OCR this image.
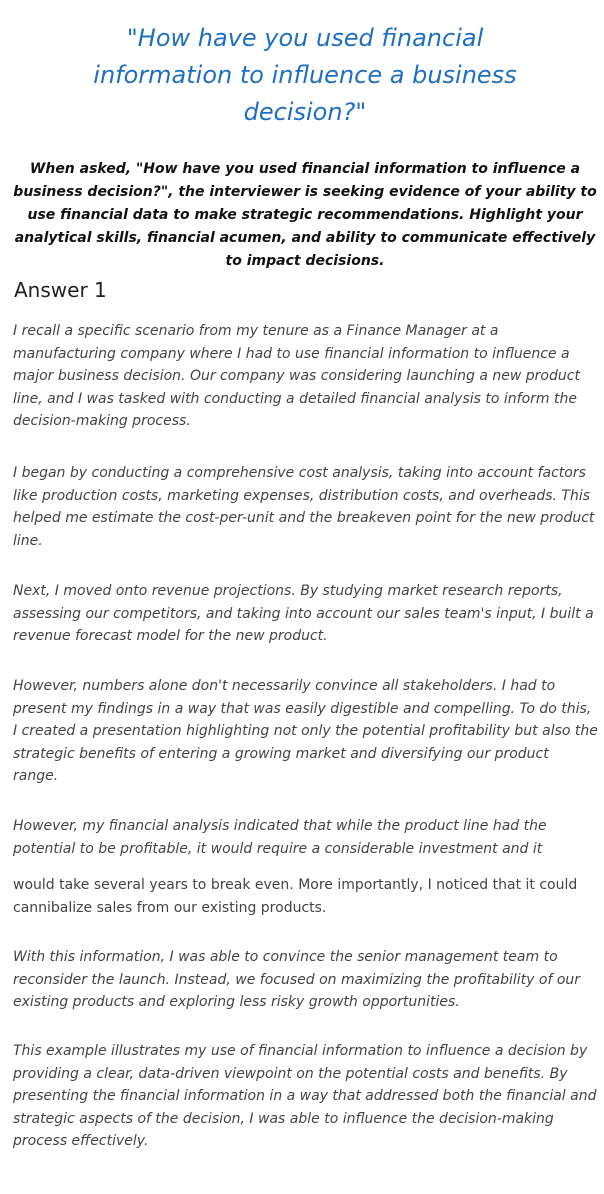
"How have you used financial information to influence a business decision?"

When asked, "How have you used financial information to influence a business decision?", the interviewer is seeking evidence of your ability to use financial data to make strategic recommendations. Highlight your analytical skills, financial acumen, and ability to communicate effectively to impact decisions.

Answer 1

I recall a specific scenario from my tenure as a Finance Manager at a manufacturing company where I had to use financial information to influence a major business decision. Our company was considering launching a new product line, and I was tasked with conducting a detailed financial analysis to inform the decision-making process.

I began by conducting a comprehensive cost analysis, taking into account factors like production costs, marketing expenses, distribution costs, and overheads. This helped me estimate the cost-per-unit and the breakeven point for the new product line.

Next, I moved onto revenue projections. By studying market research reports, assessing our competitors, and taking into account our sales team's input, I built a revenue forecast model for the new product.

However, numbers alone don't necessarily convince all stakeholders. I had to present my findings in a way that was easily digestible and compelling. To do this, I created a presentation highlighting not only the potential profitability but also the strategic benefits of entering a growing market and diversifying our product range.

However, my financial analysis indicated that while the product line had the potential to be profitable, it would require a considerable investment and it

would take several years to break even. More importantly, I noticed that it could cannibalize sales from our existing products.

With this information, I was able to convince the senior management team to reconsider the launch. Instead, we focused on maximizing the profitability of our existing products and exploring less risky growth opportunities.

This example illustrates my use of financial information to influence a decision by providing a clear, data-driven viewpoint on the potential costs and benefits. By presenting the financial information in a way that addressed both the financial and strategic aspects of the decision, I was able to influence the decision-making process effectively.
